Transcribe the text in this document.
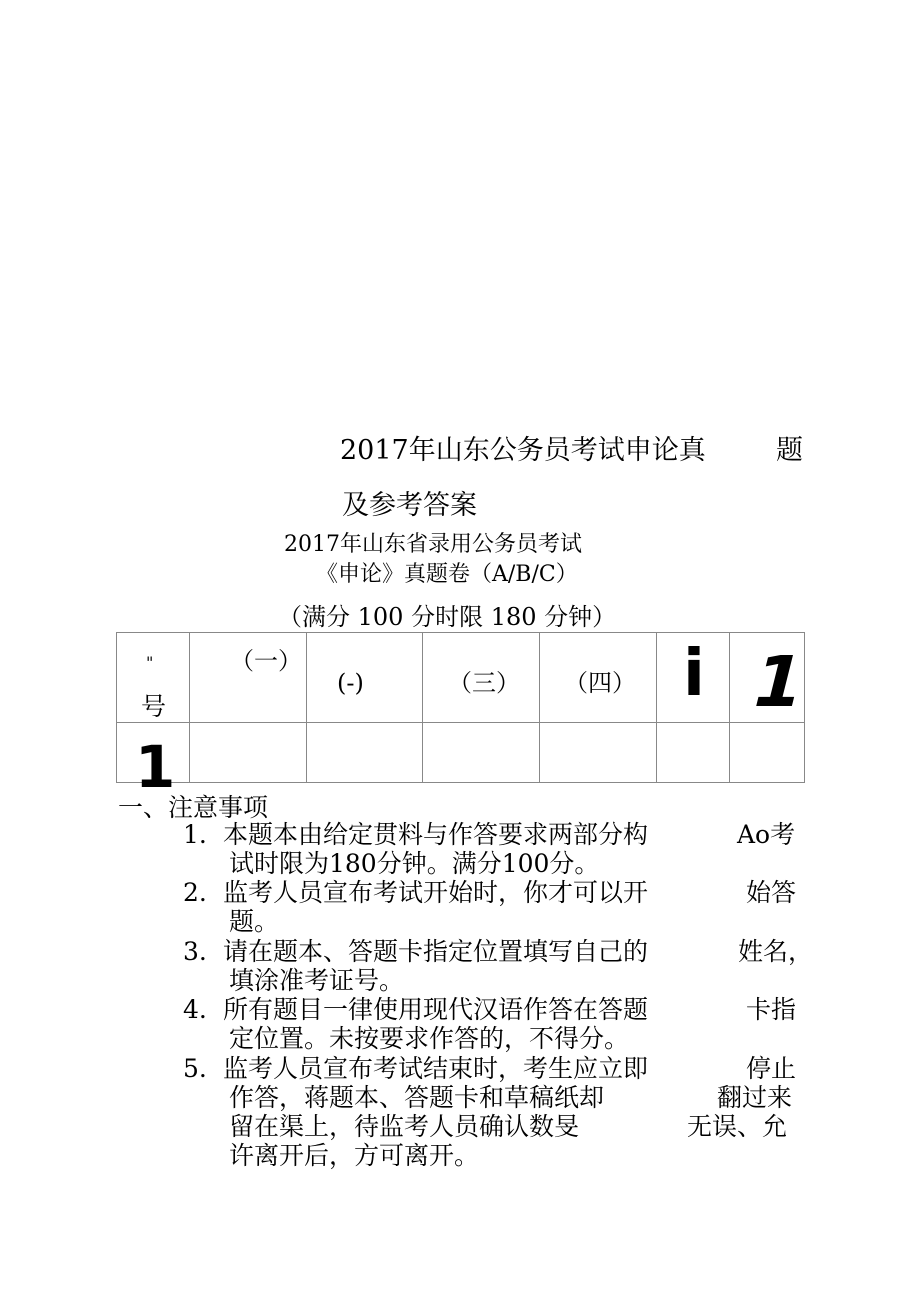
2017年山东公务员考试申论真	题
及参考答案
2017年山东省录用公务员考试
《申论》真题卷（A/B/C）
（满分 100 分时限 180 分钟）
"
号	（一）	(-)	（三）	（四）	i	1

1						

一、注意事项
1. 本题本由给定贯料与作答要求两部分构	Ao考
试时限为180分钟。满分100分。
2. 监考人员宣布考试开始时，你才可以开	始答
题。
3. 请在题本、答题卡指定位置填写自己的	姓名，
填涂准考证号。
4. 所有题目一律使用现代汉语作答在答题	卡指
定位置。未按要求作答的，不得分。
5. 监考人员宣布考试结束时，考生应立即	停止
作答，蒋题本、答题卡和草稿纸却	翻过来
留在渠上，待监考人员确认数旻	无误、允
许离开后，方可离开。
